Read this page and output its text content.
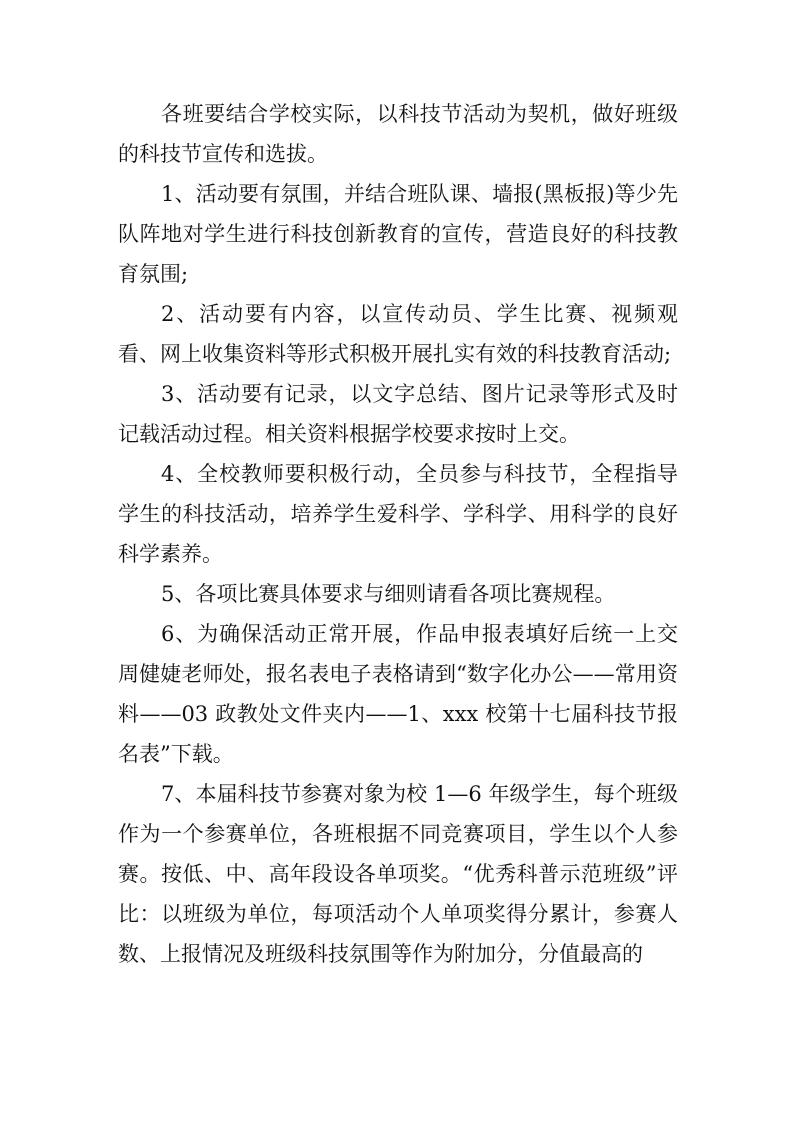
各班要结合学校实际，以科技节活动为契机，做好班级的科技节宣传和选拔。

1、活动要有氛围，并结合班队课、墙报(黑板报)等少先队阵地对学生进行科技创新教育的宣传，营造良好的科技教育氛围;

2、活动要有内容，以宣传动员、学生比赛、视频观看、网上收集资料等形式积极开展扎实有效的科技教育活动;

3、活动要有记录，以文字总结、图片记录等形式及时记载活动过程。相关资料根据学校要求按时上交。

4、全校教师要积极行动，全员参与科技节，全程指导学生的科技活动，培养学生爱科学、学科学、用科学的良好科学素养。

5、各项比赛具体要求与细则请看各项比赛规程。

6、为确保活动正常开展，作品申报表填好后统一上交周健婕老师处，报名表电子表格请到“数字化办公——常用资料——03 政教处文件夹内——1、xxx 校第十七届科技节报名表”下载。

7、本届科技节参赛对象为校 1—6 年级学生，每个班级作为一个参赛单位，各班根据不同竞赛项目，学生以个人参赛。按低、中、高年段设各单项奖。“优秀科普示范班级”评比：以班级为单位，每项活动个人单项奖得分累计，参赛人数、上报情况及班级科技氛围等作为附加分，分值最高的
